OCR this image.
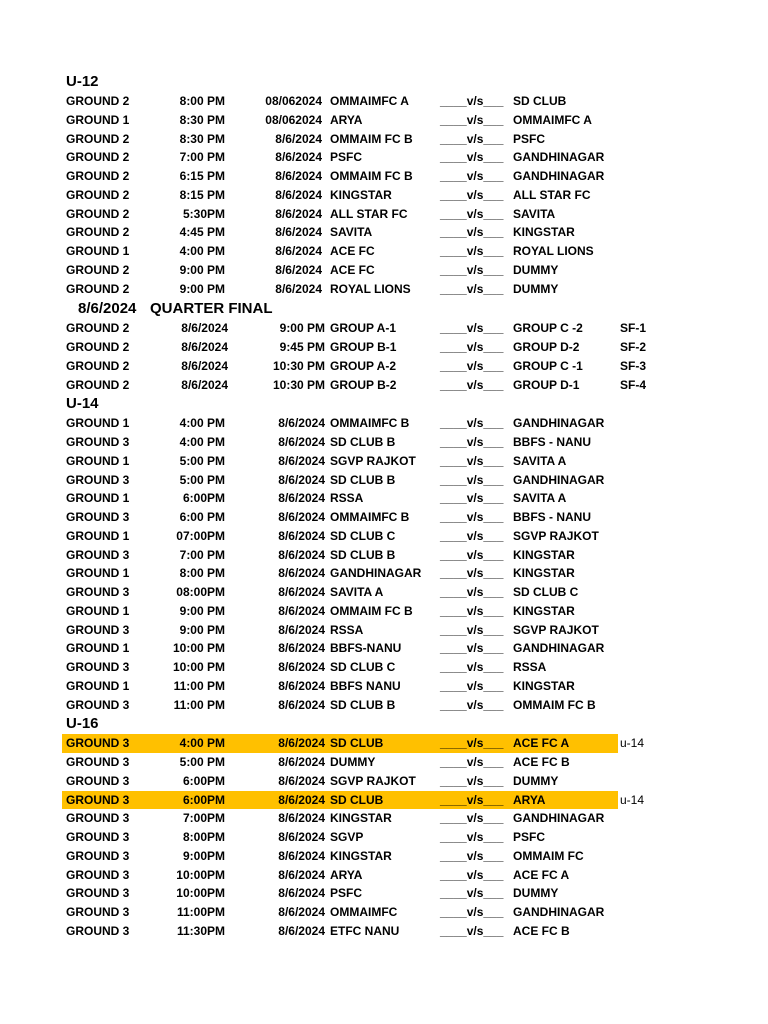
U-12
GROUND 2	8:00 PM	08/062024 OMMAIMFC A	____v/s___ SD CLUB
GROUND 1	8:30 PM	08/062024 ARYA	____v/s___ OMMAIMFC A
GROUND 2	8:30 PM	8/6/2024 OMMAIM FC B ____v/s___ PSFC
GROUND 2	7:00 PM	8/6/2024 PSFC	____v/s___ GANDHINAGAR
GROUND 2	6:15 PM	8/6/2024 OMMAIM FC B ____v/s___ GANDHINAGAR
GROUND 2	8:15 PM	8/6/2024 KINGSTAR	____v/s___ ALL STAR FC
GROUND 2	5:30PM	8/6/2024 ALL STAR FC	____v/s___ SAVITA
GROUND 2	4:45 PM	8/6/2024 SAVITA	____v/s___ KINGSTAR
GROUND 1	4:00 PM	8/6/2024 ACE FC	____v/s___ ROYAL LIONS
GROUND 2	9:00 PM	8/6/2024 ACE FC	____v/s___ DUMMY
GROUND 2	9:00 PM	8/6/2024 ROYAL LIONS ____v/s___ DUMMY
8/6/2024 QUARTER FINAL
GROUND 2	8/6/2024	9:00 PM GROUP A-1	____v/s___ GROUP C -2	SF-1
GROUND 2	8/6/2024	9:45 PM GROUP B-1	____v/s___ GROUP D-2	SF-2
GROUND 2	8/6/2024	10:30 PM GROUP A-2	____v/s___ GROUP C -1	SF-3
GROUND 2	8/6/2024	10:30 PM GROUP B-2	____v/s___ GROUP D-1	SF-4
U-14
GROUND 1	4:00 PM	8/6/2024 OMMAIMFC B	____v/s___ GANDHINAGAR
GROUND 3	4:00 PM	8/6/2024 SD CLUB B	____v/s___ BBFS - NANU
GROUND 1	5:00 PM	8/6/2024 SGVP RAJKOT ____v/s___ SAVITA A
GROUND 3	5:00 PM	8/6/2024 SD CLUB B	____v/s___ GANDHINAGAR
GROUND 1	6:00PM	8/6/2024 RSSA	____v/s___ SAVITA A
GROUND 3	6:00 PM	8/6/2024 OMMAIMFC B	____v/s___ BBFS - NANU
GROUND 1	07:00PM	8/6/2024 SD CLUB C	____v/s___ SGVP RAJKOT
GROUND 3	7:00 PM	8/6/2024 SD CLUB B	____v/s___ KINGSTAR
GROUND 1	8:00 PM	8/6/2024 GANDHINAGAR ____v/s___ KINGSTAR
GROUND 3	08:00PM	8/6/2024 SAVITA A	____v/s___ SD CLUB C
GROUND 1	9:00 PM	8/6/2024 OMMAIM FC B ____v/s___ KINGSTAR
GROUND 3	9:00 PM	8/6/2024 RSSA	____v/s___ SGVP RAJKOT
GROUND 1	10:00 PM	8/6/2024 BBFS-NANU	____v/s___ GANDHINAGAR
GROUND 3	10:00 PM	8/6/2024 SD CLUB C	____v/s___ RSSA
GROUND 1	11:00 PM	8/6/2024 BBFS NANU	____v/s___ KINGSTAR
GROUND 3	11:00 PM	8/6/2024 SD CLUB B	____v/s___ OMMAIM FC B
U-16
GROUND 3	4:00 PM	8/6/2024 SD CLUB	____v/s___ ACE FC A	u-14
GROUND 3	5:00 PM	8/6/2024 DUMMY	____v/s___ ACE FC B
GROUND 3	6:00PM	8/6/2024 SGVP RAJKOT ____v/s___ DUMMY
GROUND 3	6:00PM	8/6/2024 SD CLUB	____v/s___ ARYA	u-14
GROUND 3	7:00PM	8/6/2024 KINGSTAR	____v/s___ GANDHINAGAR
GROUND 3	8:00PM	8/6/2024 SGVP	____v/s___ PSFC
GROUND 3	9:00PM	8/6/2024 KINGSTAR	____v/s___ OMMAIM FC
GROUND 3	10:00PM	8/6/2024 ARYA	____v/s___ ACE FC A
GROUND 3	10:00PM	8/6/2024 PSFC	____v/s___ DUMMY
GROUND 3	11:00PM	8/6/2024 OMMAIMFC	____v/s___ GANDHINAGAR
GROUND 3	11:30PM	8/6/2024 ETFC NANU	____v/s___ ACE FC B
